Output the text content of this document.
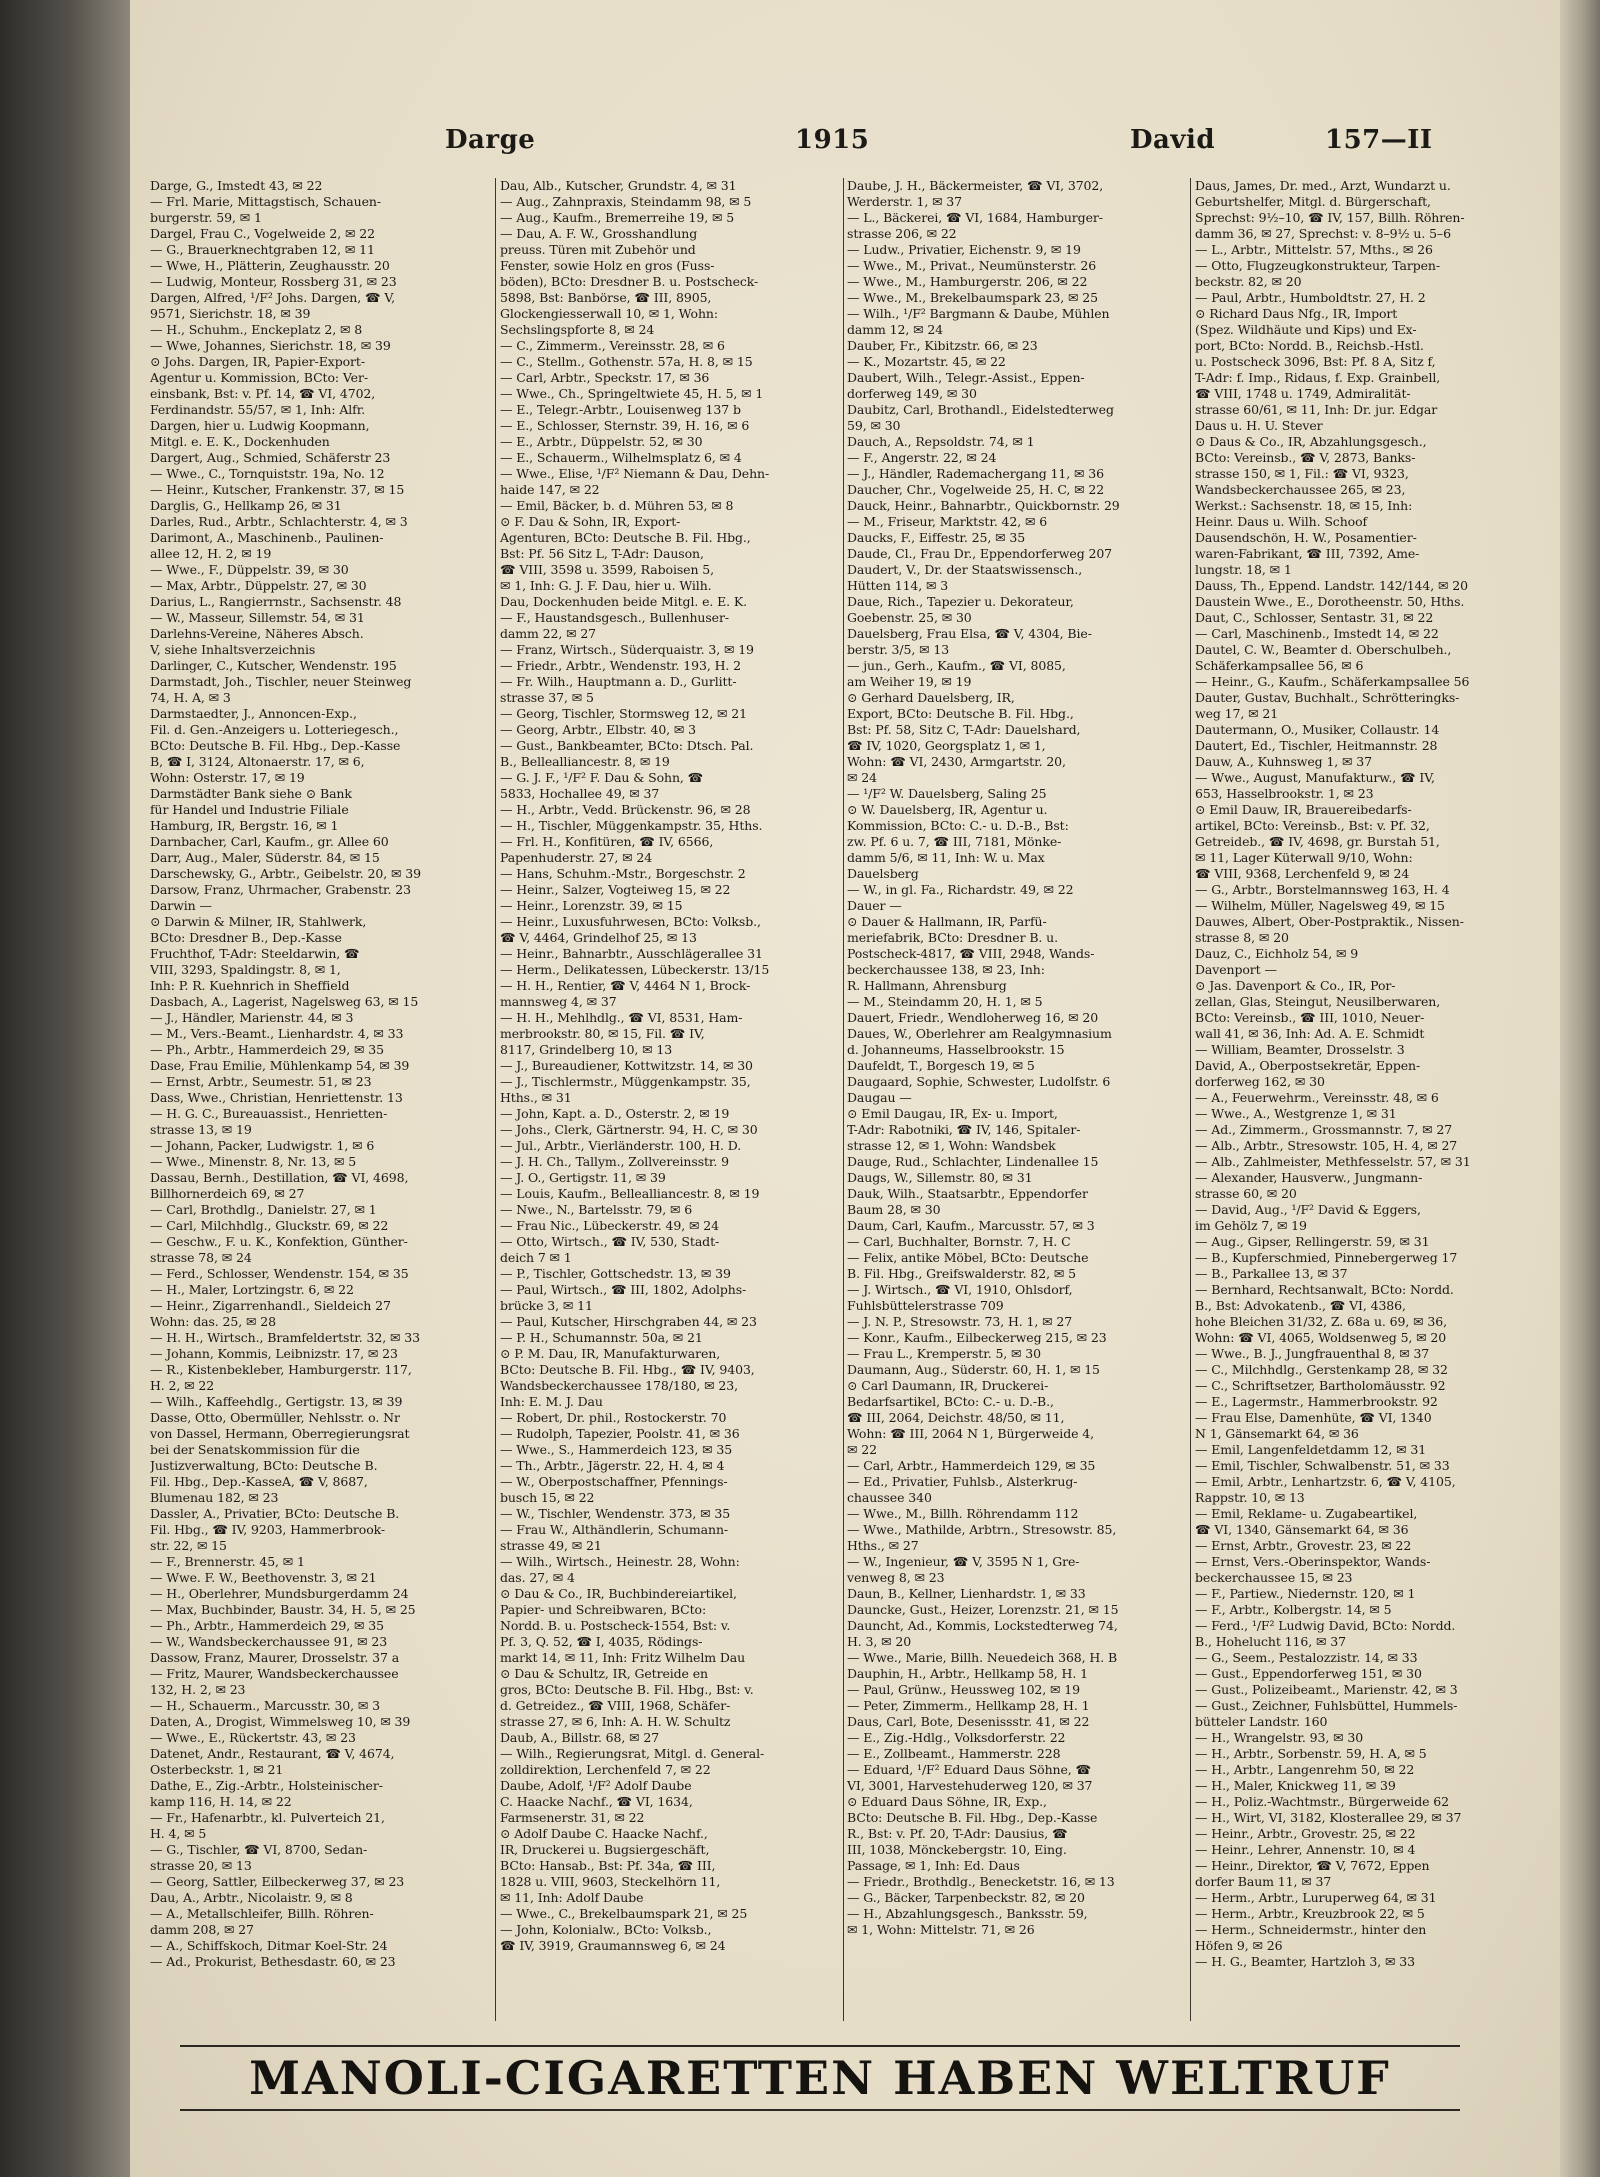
Darge	1915	David	157—II

Darge, G., Imstedt 43, ✉ 22

— Frl. Marie, Mittagstisch, Schauen-

burgerstr. 59, ✉ 1

Dargel, Frau C., Vogelweide 2, ✉ 22

— G., Brauerknechtgraben 12, ✉ 11

— Wwe, H., Plätterin, Zeughausstr. 20

— Ludwig, Monteur, Rossberg 31, ✉ 23

Dargen, Alfred, ¹/F² Johs. Dargen, ☎ V,

9571, Sierichstr. 18, ✉ 39

— H., Schuhm., Enckeplatz 2, ✉ 8

— Wwe, Johannes, Sierichstr. 18, ✉ 39

⊙ Johs. Dargen, IR, Papier-Export-

Agentur u. Kommission, BCto: Ver-

einsbank, Bst: v. Pf. 14, ☎ VI, 4702,

Ferdinandstr. 55/57, ✉ 1, Inh: Alfr.

Dargen, hier u. Ludwig Koopmann,

Mitgl. e. E. K., Dockenhuden

Dargert, Aug., Schmied, Schäferstr 23

— Wwe., C., Tornquiststr. 19a, No. 12

— Heinr., Kutscher, Frankenstr. 37, ✉ 15

Darglis, G., Hellkamp 26, ✉ 31

Darles, Rud., Arbtr., Schlachterstr. 4, ✉ 3

Darimont, A., Maschinenb., Paulinen-

allee 12, H. 2, ✉ 19

— Wwe., F., Düppelstr. 39, ✉ 30

— Max, Arbtr., Düppelstr. 27, ✉ 30

Darius, L., Rangierrnstr., Sachsenstr. 48

— W., Masseur, Sillemstr. 54, ✉ 31

Darlehns-Vereine, Näheres Absch.

V, siehe Inhaltsverzeichnis

Darlinger, C., Kutscher, Wendenstr. 195

Darmstadt, Joh., Tischler, neuer Steinweg

74, H. A, ✉ 3

Darmstaedter, J., Annoncen-Exp.,

Fil. d. Gen.-Anzeigers u. Lotteriegesch.,

BCto: Deutsche B. Fil. Hbg., Dep.-Kasse

B, ☎ I, 3124, Altonaerstr. 17, ✉ 6,

Wohn: Osterstr. 17, ✉ 19

Darmstädter Bank siehe ⊙ Bank

für Handel und Industrie Filiale

Hamburg, IR, Bergstr. 16, ✉ 1

Darnbacher, Carl, Kaufm., gr. Allee 60

Darr, Aug., Maler, Süderstr. 84, ✉ 15

Darschewsky, G., Arbtr., Geibelstr. 20, ✉ 39

Darsow, Franz, Uhrmacher, Grabenstr. 23

Darwin —

⊙ Darwin & Milner, IR, Stahlwerk,

BCto: Dresdner B., Dep.-Kasse

Fruchthof, T-Adr: Steeldarwin, ☎

VIII, 3293, Spaldingstr. 8, ✉ 1,

Inh: P. R. Kuehnrich in Sheffield

Dasbach, A., Lagerist, Nagelsweg 63, ✉ 15

— J., Händler, Marienstr. 44, ✉ 3

— M., Vers.-Beamt., Lienhardstr. 4, ✉ 33

— Ph., Arbtr., Hammerdeich 29, ✉ 35

Dase, Frau Emilie, Mühlenkamp 54, ✉ 39

— Ernst, Arbtr., Seumestr. 51, ✉ 23

Dass, Wwe., Christian, Henriettenstr. 13

— H. G. C., Bureauassist., Henrietten-

strasse 13, ✉ 19

— Johann, Packer, Ludwigstr. 1, ✉ 6

— Wwe., Minenstr. 8, Nr. 13, ✉ 5

Dassau, Bernh., Destillation, ☎ VI, 4698,

Billhornerdeich 69, ✉ 27

— Carl, Brothdlg., Danielstr. 27, ✉ 1

— Carl, Milchhdlg., Gluckstr. 69, ✉ 22

— Geschw., F. u. K., Konfektion, Günther-

strasse 78, ✉ 24

— Ferd., Schlosser, Wendenstr. 154, ✉ 35

— H., Maler, Lortzingstr. 6, ✉ 22

— Heinr., Zigarrenhandl., Sieldeich 27

Wohn: das. 25, ✉ 28

— H. H., Wirtsch., Bramfeldertstr. 32, ✉ 33

— Johann, Kommis, Leibnizstr. 17, ✉ 23

— R., Kistenbekleber, Hamburgerstr. 117,

H. 2, ✉ 22

— Wilh., Kaffeehdlg., Gertigstr. 13, ✉ 39

Dasse, Otto, Obermüller, Nehlsstr. o. Nr

von Dassel, Hermann, Oberregierungsrat

bei der Senatskommission für die

Justizverwaltung, BCto: Deutsche B.

Fil. Hbg., Dep.-KasseA, ☎ V, 8687,

Blumenau 182, ✉ 23

Dassler, A., Privatier, BCto: Deutsche B.

Fil. Hbg., ☎ IV, 9203, Hammerbrook-

str. 22, ✉ 15

— F., Brennerstr. 45, ✉ 1

— Wwe. F. W., Beethovenstr. 3, ✉ 21

— H., Oberlehrer, Mundsburgerdamm 24

— Max, Buchbinder, Baustr. 34, H. 5, ✉ 25

— Ph., Arbtr., Hammerdeich 29, ✉ 35

— W., Wandsbeckerchaussee 91, ✉ 23

Dassow, Franz, Maurer, Drosselstr. 37 a

— Fritz, Maurer, Wandsbeckerchaussee

132, H. 2, ✉ 23

— H., Schauerm., Marcusstr. 30, ✉ 3

Daten, A., Drogist, Wimmelsweg 10, ✉ 39

— Wwe., E., Rückertstr. 43, ✉ 23

Datenet, Andr., Restaurant, ☎ V, 4674,

Osterbeckstr. 1, ✉ 21

Dathe, E., Zig.-Arbtr., Holsteinischer-

kamp 116, H. 14, ✉ 22

— Fr., Hafenarbtr., kl. Pulverteich 21,

H. 4, ✉ 5

— G., Tischler, ☎ VI, 8700, Sedan-

strasse 20, ✉ 13

— Georg, Sattler, Eilbeckerweg 37, ✉ 23

Dau, A., Arbtr., Nicolaistr. 9, ✉ 8

— A., Metallschleifer, Billh. Röhren-

damm 208, ✉ 27

— A., Schiffskoch, Ditmar Koel-Str. 24

— Ad., Prokurist, Bethesdastr. 60, ✉ 23

Dau, Alb., Kutscher, Grundstr. 4, ✉ 31

— Aug., Zahnpraxis, Steindamm 98, ✉ 5

— Aug., Kaufm., Bremerreihe 19, ✉ 5

— Dau, A. F. W., Grosshandlung

preuss. Türen mit Zubehör und

Fenster, sowie Holz en gros (Fuss-

böden), BCto: Dresdner B. u. Postscheck-

5898, Bst: Banbörse, ☎ III, 8905,

Glockengiesserwall 10, ✉ 1, Wohn:

Sechslingspforte 8, ✉ 24

— C., Zimmerm., Vereinsstr. 28, ✉ 6

— C., Stellm., Gothenstr. 57a, H. 8, ✉ 15

— Carl, Arbtr., Speckstr. 17, ✉ 36

— Wwe., Ch., Springeltwiete 45, H. 5, ✉ 1

— E., Telegr.-Arbtr., Louisenweg 137 b

— E., Schlosser, Sternstr. 39, H. 16, ✉ 6

— E., Arbtr., Düppelstr. 52, ✉ 30

— E., Schauerm., Wilhelmsplatz 6, ✉ 4

— Wwe., Elise, ¹/F² Niemann & Dau, Dehn-

haide 147, ✉ 22

— Emil, Bäcker, b. d. Mühren 53, ✉ 8

⊙ F. Dau & Sohn, IR, Export-

Agenturen, BCto: Deutsche B. Fil. Hbg.,

Bst: Pf. 56 Sitz L, T-Adr: Dauson,

☎ VIII, 3598 u. 3599, Raboisen 5,

✉ 1, Inh: G. J. F. Dau, hier u. Wilh.

Dau, Dockenhuden beide Mitgl. e. E. K.

— F., Haustandsgesch., Bullenhuser-

damm 22, ✉ 27

— Franz, Wirtsch., Süderquaistr. 3, ✉ 19

— Friedr., Arbtr., Wendenstr. 193, H. 2

— Fr. Wilh., Hauptmann a. D., Gurlitt-

strasse 37, ✉ 5

— Georg, Tischler, Stormsweg 12, ✉ 21

— Georg, Arbtr., Elbstr. 40, ✉ 3

— Gust., Bankbeamter, BCto: Dtsch. Pal.

B., Bellealliancestr. 8, ✉ 19

— G. J. F., ¹/F² F. Dau & Sohn, ☎

5833, Hochallee 49, ✉ 37

— H., Arbtr., Vedd. Brückenstr. 96, ✉ 28

— H., Tischler, Müggenkampstr. 35, Hths.

— Frl. H., Konfitüren, ☎ IV, 6566,

Papenhuderstr. 27, ✉ 24

— Hans, Schuhm.-Mstr., Borgeschstr. 2

— Heinr., Salzer, Vogteiweg 15, ✉ 22

— Heinr., Lorenzstr. 39, ✉ 15

— Heinr., Luxusfuhrwesen, BCto: Volksb.,

☎ V, 4464, Grindelhof 25, ✉ 13

— Heinr., Bahnarbtr., Ausschlägerallee 31

— Herm., Delikatessen, Lübeckerstr. 13/15

— H. H., Rentier, ☎ V, 4464 N 1, Brock-

mannsweg 4, ✉ 37

— H. H., Mehlhdlg., ☎ VI, 8531, Ham-

merbrookstr. 80, ✉ 15, Fil. ☎ IV,

8117, Grindelberg 10, ✉ 13

— J., Bureaudiener, Kottwitzstr. 14, ✉ 30

— J., Tischlermstr., Müggenkampstr. 35,

Hths., ✉ 31

— John, Kapt. a. D., Osterstr. 2, ✉ 19

— Johs., Clerk, Gärtnerstr. 94, H. C, ✉ 30

— Jul., Arbtr., Vierländerstr. 100, H. D.

— J. H. Ch., Tallym., Zollvereinsstr. 9

— J. O., Gertigstr. 11, ✉ 39

— Louis, Kaufm., Bellealliancestr. 8, ✉ 19

— Nwe., N., Bartelsstr. 79, ✉ 6

— Frau Nic., Lübeckerstr. 49, ✉ 24

— Otto, Wirtsch., ☎ IV, 530, Stadt-

deich 7 ✉ 1

— P., Tischler, Gottschedstr. 13, ✉ 39

— Paul, Wirtsch., ☎ III, 1802, Adolphs-

brücke 3, ✉ 11

— Paul, Kutscher, Hirschgraben 44, ✉ 23

— P. H., Schumannstr. 50a, ✉ 21

⊙ P. M. Dau, IR, Manufakturwaren,

BCto: Deutsche B. Fil. Hbg., ☎ IV, 9403,

Wandsbeckerchaussee 178/180, ✉ 23,

Inh: E. M. J. Dau

— Robert, Dr. phil., Rostockerstr. 70

— Rudolph, Tapezier, Poolstr. 41, ✉ 36

— Wwe., S., Hammerdeich 123, ✉ 35

— Th., Arbtr., Jägerstr. 22, H. 4, ✉ 4

— W., Oberpostschaffner, Pfennings-

busch 15, ✉ 22

— W., Tischler, Wendenstr. 373, ✉ 35

— Frau W., Althändlerin, Schumann-

strasse 49, ✉ 21

— Wilh., Wirtsch., Heinestr. 28, Wohn:

das. 27, ✉ 4

⊙ Dau & Co., IR, Buchbindereiartikel,

Papier- und Schreibwaren, BCto:

Nordd. B. u. Postscheck-1554, Bst: v.

Pf. 3, Q. 52, ☎ I, 4035, Rödings-

markt 14, ✉ 11, Inh: Fritz Wilhelm Dau

⊙ Dau & Schultz, IR, Getreide en

gros, BCto: Deutsche B. Fil. Hbg., Bst: v.

d. Getreidez., ☎ VIII, 1968, Schäfer-

strasse 27, ✉ 6, Inh: A. H. W. Schultz

Daub, A., Billstr. 68, ✉ 27

— Wilh., Regierungsrat, Mitgl. d. General-

zolldirektion, Lerchenfeld 7, ✉ 22

Daube, Adolf, ¹/F² Adolf Daube

C. Haacke Nachf., ☎ VI, 1634,

Farmsenerstr. 31, ✉ 22

⊙ Adolf Daube C. Haacke Nachf.,

IR, Druckerei u. Bugsiergeschäft,

BCto: Hansab., Bst: Pf. 34a, ☎ III,

1828 u. VIII, 9603, Steckelhörn 11,

✉ 11, Inh: Adolf Daube

— Wwe., C., Brekelbaumspark 21, ✉ 25

— John, Kolonialw., BCto: Volksb.,

☎ IV, 3919, Graumannsweg 6, ✉ 24

Daube, J. H., Bäckermeister, ☎ VI, 3702,

Werderstr. 1, ✉ 37

— L., Bäckerei, ☎ VI, 1684, Hamburger-

strasse 206, ✉ 22

— Ludw., Privatier, Eichenstr. 9, ✉ 19

— Wwe., M., Privat., Neumünsterstr. 26

— Wwe., M., Hamburgerstr. 206, ✉ 22

— Wwe., M., Brekelbaumspark 23, ✉ 25

— Wilh., ¹/F² Bargmann & Daube, Mühlen

damm 12, ✉ 24

Dauber, Fr., Kibitzstr. 66, ✉ 23

— K., Mozartstr. 45, ✉ 22

Daubert, Wilh., Telegr.-Assist., Eppen-

dorferweg 149, ✉ 30

Daubitz, Carl, Brothandl., Eidelstedterweg

59, ✉ 30

Dauch, A., Repsoldstr. 74, ✉ 1

— F., Angerstr. 22, ✉ 24

— J., Händler, Rademachergang 11, ✉ 36

Daucher, Chr., Vogelweide 25, H. C, ✉ 22

Dauck, Heinr., Bahnarbtr., Quickbornstr. 29

— M., Friseur, Marktstr. 42, ✉ 6

Daucks, F., Eiffestr. 25, ✉ 35

Daude, Cl., Frau Dr., Eppendorferweg 207

Daudert, V., Dr. der Staatswissensch.,

Hütten 114, ✉ 3

Daue, Rich., Tapezier u. Dekorateur,

Goebenstr. 25, ✉ 30

Dauelsberg, Frau Elsa, ☎ V, 4304, Bie-

berstr. 3/5, ✉ 13

— jun., Gerh., Kaufm., ☎ VI, 8085,

am Weiher 19, ✉ 19

⊙ Gerhard Dauelsberg, IR,

Export, BCto: Deutsche B. Fil. Hbg.,

Bst: Pf. 58, Sitz C, T-Adr: Dauelshard,

☎ IV, 1020, Georgsplatz 1, ✉ 1,

Wohn: ☎ VI, 2430, Armgartstr. 20,

✉ 24

— ¹/F² W. Dauelsberg, Saling 25

⊙ W. Dauelsberg, IR, Agentur u.

Kommission, BCto: C.- u. D.-B., Bst:

zw. Pf. 6 u. 7, ☎ III, 7181, Mönke-

damm 5/6, ✉ 11, Inh: W. u. Max

Dauelsberg

— W., in gl. Fa., Richardstr. 49, ✉ 22

Dauer —

⊙ Dauer & Hallmann, IR, Parfü-

meriefabrik, BCto: Dresdner B. u.

Postscheck-4817, ☎ VIII, 2948, Wands-

beckerchaussee 138, ✉ 23, Inh:

R. Hallmann, Ahrensburg

— M., Steindamm 20, H. 1, ✉ 5

Dauert, Friedr., Wendloherweg 16, ✉ 20

Daues, W., Oberlehrer am Realgymnasium

d. Johanneums, Hasselbrookstr. 15

Daufeldt, T., Borgesch 19, ✉ 5

Daugaard, Sophie, Schwester, Ludolfstr. 6

Daugau —

⊙ Emil Daugau, IR, Ex- u. Import,

T-Adr: Rabotniki, ☎ IV, 146, Spitaler-

strasse 12, ✉ 1, Wohn: Wandsbek

Dauge, Rud., Schlachter, Lindenallee 15

Daugs, W., Sillemstr. 80, ✉ 31

Dauk, Wilh., Staatsarbtr., Eppendorfer

Baum 28, ✉ 30

Daum, Carl, Kaufm., Marcusstr. 57, ✉ 3

— Carl, Buchhalter, Bornstr. 7, H. C

— Felix, antike Möbel, BCto: Deutsche

B. Fil. Hbg., Greifswalderstr. 82, ✉ 5

— J. Wirtsch., ☎ VI, 1910, Ohlsdorf,

Fuhlsbüttelerstrasse 709

— J. N. P., Stresowstr. 73, H. 1, ✉ 27

— Konr., Kaufm., Eilbeckerweg 215, ✉ 23

— Frau L., Kremperstr. 5, ✉ 30

Daumann, Aug., Süderstr. 60, H. 1, ✉ 15

⊙ Carl Daumann, IR, Druckerei-

Bedarfsartikel, BCto: C.- u. D.-B.,

☎ III, 2064, Deichstr. 48/50, ✉ 11,

Wohn: ☎ III, 2064 N 1, Bürgerweide 4,

✉ 22

— Carl, Arbtr., Hammerdeich 129, ✉ 35

— Ed., Privatier, Fuhlsb., Alsterkrug-

chaussee 340

— Wwe., M., Billh. Röhrendamm 112

— Wwe., Mathilde, Arbtrn., Stresowstr. 85,

Hths., ✉ 27

— W., Ingenieur, ☎ V, 3595 N 1, Gre-

venweg 8, ✉ 23

Daun, B., Kellner, Lienhardstr. 1, ✉ 33

Dauncke, Gust., Heizer, Lorenzstr. 21, ✉ 15

Dauncht, Ad., Kommis, Lockstedterweg 74,

H. 3, ✉ 20

— Wwe., Marie, Billh. Neuedeich 368, H. B

Dauphin, H., Arbtr., Hellkamp 58, H. 1

— Paul, Grünw., Heussweg 102, ✉ 19

— Peter, Zimmerm., Hellkamp 28, H. 1

Daus, Carl, Bote, Desenissstr. 41, ✉ 22

— E., Zig.-Hdlg., Volksdorferstr. 22

— E., Zollbeamt., Hammerstr. 228

— Eduard, ¹/F² Eduard Daus Söhne, ☎

VI, 3001, Harvestehuderweg 120, ✉ 37

⊙ Eduard Daus Söhne, IR, Exp.,

BCto: Deutsche B. Fil. Hbg., Dep.-Kasse

R., Bst: v. Pf. 20, T-Adr: Dausius, ☎

III, 1038, Mönckebergstr. 10, Eing.

Passage, ✉ 1, Inh: Ed. Daus

— Friedr., Brothdlg., Benecketstr. 16, ✉ 13

— G., Bäcker, Tarpenbeckstr. 82, ✉ 20

— H., Abzahlungsgesch., Banksstr. 59,

✉ 1, Wohn: Mittelstr. 71, ✉ 26

Daus, James, Dr. med., Arzt, Wundarzt u.

Geburtshelfer, Mitgl. d. Bürgerschaft,

Sprechst: 9½–10, ☎ IV, 157, Billh. Röhren-

damm 36, ✉ 27, Sprechst: v. 8–9½ u. 5–6

— L., Arbtr., Mittelstr. 57, Mths., ✉ 26

— Otto, Flugzeugkonstrukteur, Tarpen-

beckstr. 82, ✉ 20

— Paul, Arbtr., Humboldtstr. 27, H. 2

⊙ Richard Daus Nfg., IR, Import

(Spez. Wildhäute und Kips) und Ex-

port, BCto: Nordd. B., Reichsb.-Hstl.

u. Postscheck 3096, Bst: Pf. 8 A, Sitz f,

T-Adr: f. Imp., Ridaus, f. Exp. Grainbell,

☎ VIII, 1748 u. 1749, Admiralität-

strasse 60/61, ✉ 11, Inh: Dr. jur. Edgar

Daus u. H. U. Stever

⊙ Daus & Co., IR, Abzahlungsgesch.,

BCto: Vereinsb., ☎ V, 2873, Banks-

strasse 150, ✉ 1, Fil.: ☎ VI, 9323,

Wandsbeckerchaussee 265, ✉ 23,

Werkst.: Sachsenstr. 18, ✉ 15, Inh:

Heinr. Daus u. Wilh. Schoof

Dausendschön, H. W., Posamentier-

waren-Fabrikant, ☎ III, 7392, Ame-

lungstr. 18, ✉ 1

Dauss, Th., Eppend. Landstr. 142/144, ✉ 20

Daustein Wwe., E., Dorotheenstr. 50, Hths.

Daut, C., Schlosser, Sentastr. 31, ✉ 22

— Carl, Maschinenb., Imstedt 14, ✉ 22

Dautel, C. W., Beamter d. Oberschulbeh.,

Schäferkampsallee 56, ✉ 6

— Heinr., G., Kaufm., Schäferkampsallee 56

Dauter, Gustav, Buchhalt., Schrötteringks-

weg 17, ✉ 21

Dautermann, O., Musiker, Collaustr. 14

Dautert, Ed., Tischler, Heitmannstr. 28

Dauw, A., Kuhnsweg 1, ✉ 37

— Wwe., August, Manufakturw., ☎ IV,

653, Hasselbrookstr. 1, ✉ 23

⊙ Emil Dauw, IR, Brauereibedarfs-

artikel, BCto: Vereinsb., Bst: v. Pf. 32,

Getreideb., ☎ IV, 4698, gr. Burstah 51,

✉ 11, Lager Küterwall 9/10, Wohn:

☎ VIII, 9368, Lerchenfeld 9, ✉ 24

— G., Arbtr., Borstelmannsweg 163, H. 4

— Wilhelm, Müller, Nagelsweg 49, ✉ 15

Dauwes, Albert, Ober-Postpraktik., Nissen-

strasse 8, ✉ 20

Dauz, C., Eichholz 54, ✉ 9

Davenport —

⊙ Jas. Davenport & Co., IR, Por-

zellan, Glas, Steingut, Neusilberwaren,

BCto: Vereinsb., ☎ III, 1010, Neuer-

wall 41, ✉ 36, Inh: Ad. A. E. Schmidt

— William, Beamter, Drosselstr. 3

David, A., Oberpostsekretär, Eppen-

dorferweg 162, ✉ 30

— A., Feuerwehrm., Vereinsstr. 48, ✉ 6

— Wwe., A., Westgrenze 1, ✉ 31

— Ad., Zimmerm., Grossmannstr. 7, ✉ 27

— Alb., Arbtr., Stresowstr. 105, H. 4, ✉ 27

— Alb., Zahlmeister, Methfesselstr. 57, ✉ 31

— Alexander, Hausverw., Jungmann-

strasse 60, ✉ 20

— David, Aug., ¹/F² David & Eggers,

im Gehölz 7, ✉ 19

— Aug., Gipser, Rellingerstr. 59, ✉ 31

— B., Kupferschmied, Pinnebergerweg 17

— B., Parkallee 13, ✉ 37

— Bernhard, Rechtsanwalt, BCto: Nordd.

B., Bst: Advokatenb., ☎ VI, 4386,

hohe Bleichen 31/32, Z. 68a u. 69, ✉ 36,

Wohn: ☎ VI, 4065, Woldsenweg 5, ✉ 20

— Wwe., B. J., Jungfrauenthal 8, ✉ 37

— C., Milchhdlg., Gerstenkamp 28, ✉ 32

— C., Schriftsetzer, Bartholomäusstr. 92

— E., Lagermstr., Hammerbrookstr. 92

— Frau Else, Damenhüte, ☎ VI, 1340

N 1, Gänsemarkt 64, ✉ 36

— Emil, Langenfeldetdamm 12, ✉ 31

— Emil, Tischler, Schwalbenstr. 51, ✉ 33

— Emil, Arbtr., Lenhartzstr. 6, ☎ V, 4105,

Rappstr. 10, ✉ 13

— Emil, Reklame- u. Zugabeartikel,

☎ VI, 1340, Gänsemarkt 64, ✉ 36

— Ernst, Arbtr., Grovestr. 23, ✉ 22

— Ernst, Vers.-Oberinspektor, Wands-

beckerchaussee 15, ✉ 23

— F., Partiew., Niedernstr. 120, ✉ 1

— F., Arbtr., Kolbergstr. 14, ✉ 5

— Ferd., ¹/F² Ludwig David, BCto: Nordd.

B., Hohelucht 116, ✉ 37

— G., Seem., Pestalozzistr. 14, ✉ 33

— Gust., Eppendorferweg 151, ✉ 30

— Gust., Polizeibeamt., Marienstr. 42, ✉ 3

— Gust., Zeichner, Fuhlsbüttel, Hummels-

bütteler Landstr. 160

— H., Wrangelstr. 93, ✉ 30

— H., Arbtr., Sorbenstr. 59, H. A, ✉ 5

— H., Arbtr., Langenrehm 50, ✉ 22

— H., Maler, Knickweg 11, ✉ 39

— H., Poliz.-Wachtmstr., Bürgerweide 62

— H., Wirt, VI, 3182, Klosterallee 29, ✉ 37

— Heinr., Arbtr., Grovestr. 25, ✉ 22

— Heinr., Lehrer, Annenstr. 10, ✉ 4

— Heinr., Direktor, ☎ V, 7672, Eppen

dorfer Baum 11, ✉ 37

— Herm., Arbtr., Luruperweg 64, ✉ 31

— Herm., Arbtr., Kreuzbrook 22, ✉ 5

— Herm., Schneidermstr., hinter den

Höfen 9, ✉ 26

— H. G., Beamter, Hartzloh 3, ✉ 33

MANOLI-CIGARETTEN HABEN WELTRUF
